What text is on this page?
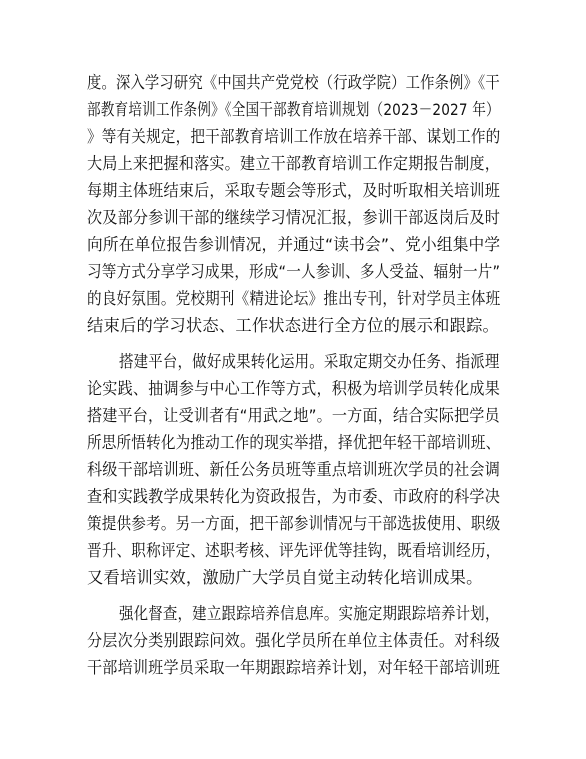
度。深入学习研究《中国共产党党校（行政学院）工作条例》《干
部教育培训工作条例》《全国干部教育培训规划（2023－2027 年）
》等有关规定，把干部教育培训工作放在培养干部、谋划工作的
大局上来把握和落实。建立干部教育培训工作定期报告制度，
每期主体班结束后，采取专题会等形式，及时听取相关培训班
次及部分参训干部的继续学习情况汇报，参训干部返岗后及时
向所在单位报告参训情况，并通过“读书会”、党小组集中学
习等方式分享学习成果，形成“一人参训、多人受益、辐射一片”
的良好氛围。党校期刊《精进论坛》推出专刊，针对学员主体班
结束后的学习状态、工作状态进行全方位的展示和跟踪。
搭建平台，做好成果转化运用。采取定期交办任务、指派理
论实践、抽调参与中心工作等方式，积极为培训学员转化成果
搭建平台，让受训者有“用武之地”。一方面，结合实际把学员
所思所悟转化为推动工作的现实举措，择优把年轻干部培训班、
科级干部培训班、新任公务员班等重点培训班次学员的社会调
查和实践教学成果转化为资政报告，为市委、市政府的科学决
策提供参考。另一方面，把干部参训情况与干部选拔使用、职级
晋升、职称评定、述职考核、评先评优等挂钩，既看培训经历，
又看培训实效，激励广大学员自觉主动转化培训成果。
强化督查，建立跟踪培养信息库。实施定期跟踪培养计划，
分层次分类别跟踪问效。强化学员所在单位主体责任。对科级
干部培训班学员采取一年期跟踪培养计划，对年轻干部培训班
